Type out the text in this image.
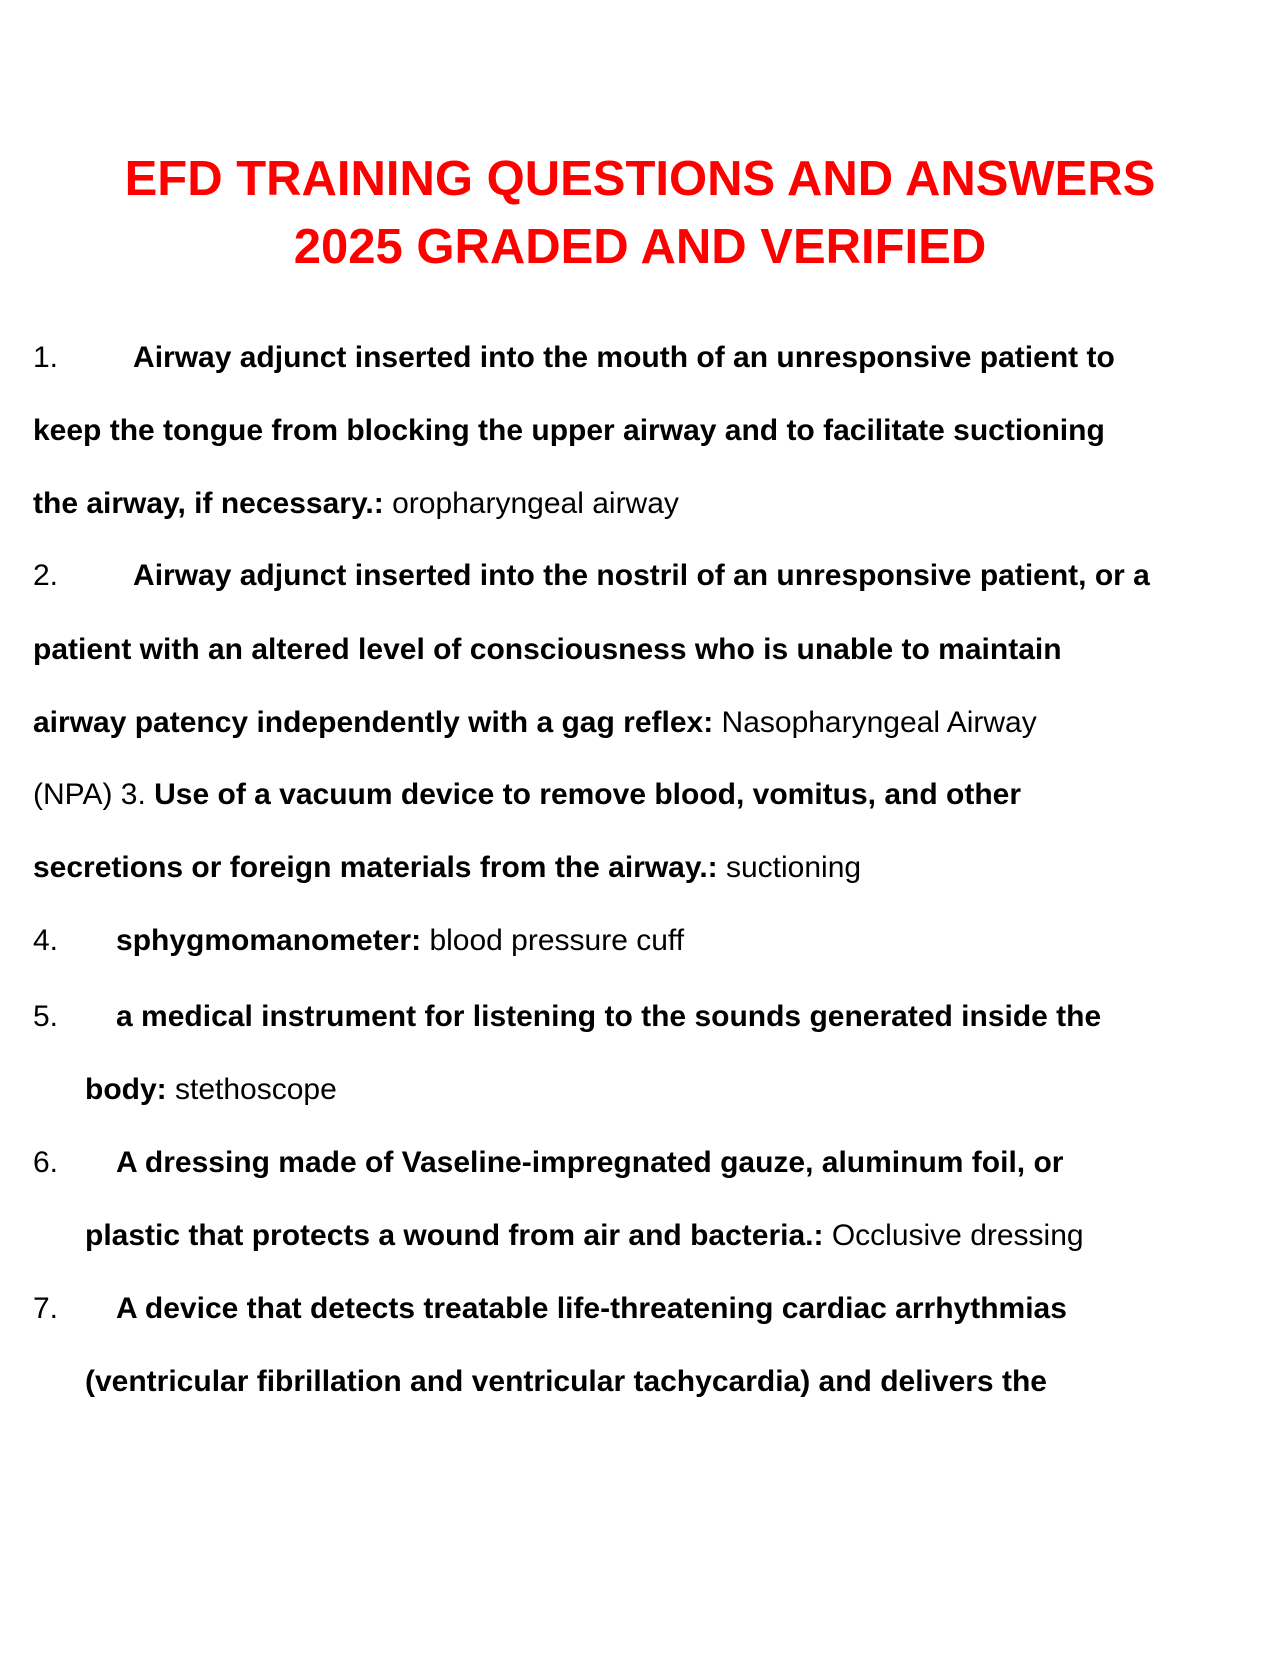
EFD TRAINING QUESTIONS AND ANSWERS
2025 GRADED AND VERIFIED
1.	Airway adjunct inserted into the mouth of an unresponsive patient to
keep the tongue from blocking the upper airway and to facilitate suctioning
the airway, if necessary.: oropharyngeal airway
2.	Airway adjunct inserted into the nostril of an unresponsive patient, or a
patient with an altered level of consciousness who is unable to maintain
airway patency independently with a gag reflex: Nasopharyngeal Airway
(NPA) 3. Use of a vacuum device to remove blood, vomitus, and other
secretions or foreign materials from the airway.: suctioning
4. sphygmomanometer: blood pressure cuff
5. a medical instrument for listening to the sounds generated inside the
body: stethoscope
6. A dressing made of Vaseline-impregnated gauze, aluminum foil, or
plastic that protects a wound from air and bacteria.: Occlusive dressing
7. A device that detects treatable life-threatening cardiac arrhythmias
(ventricular fibrillation and ventricular tachycardia) and delivers the
